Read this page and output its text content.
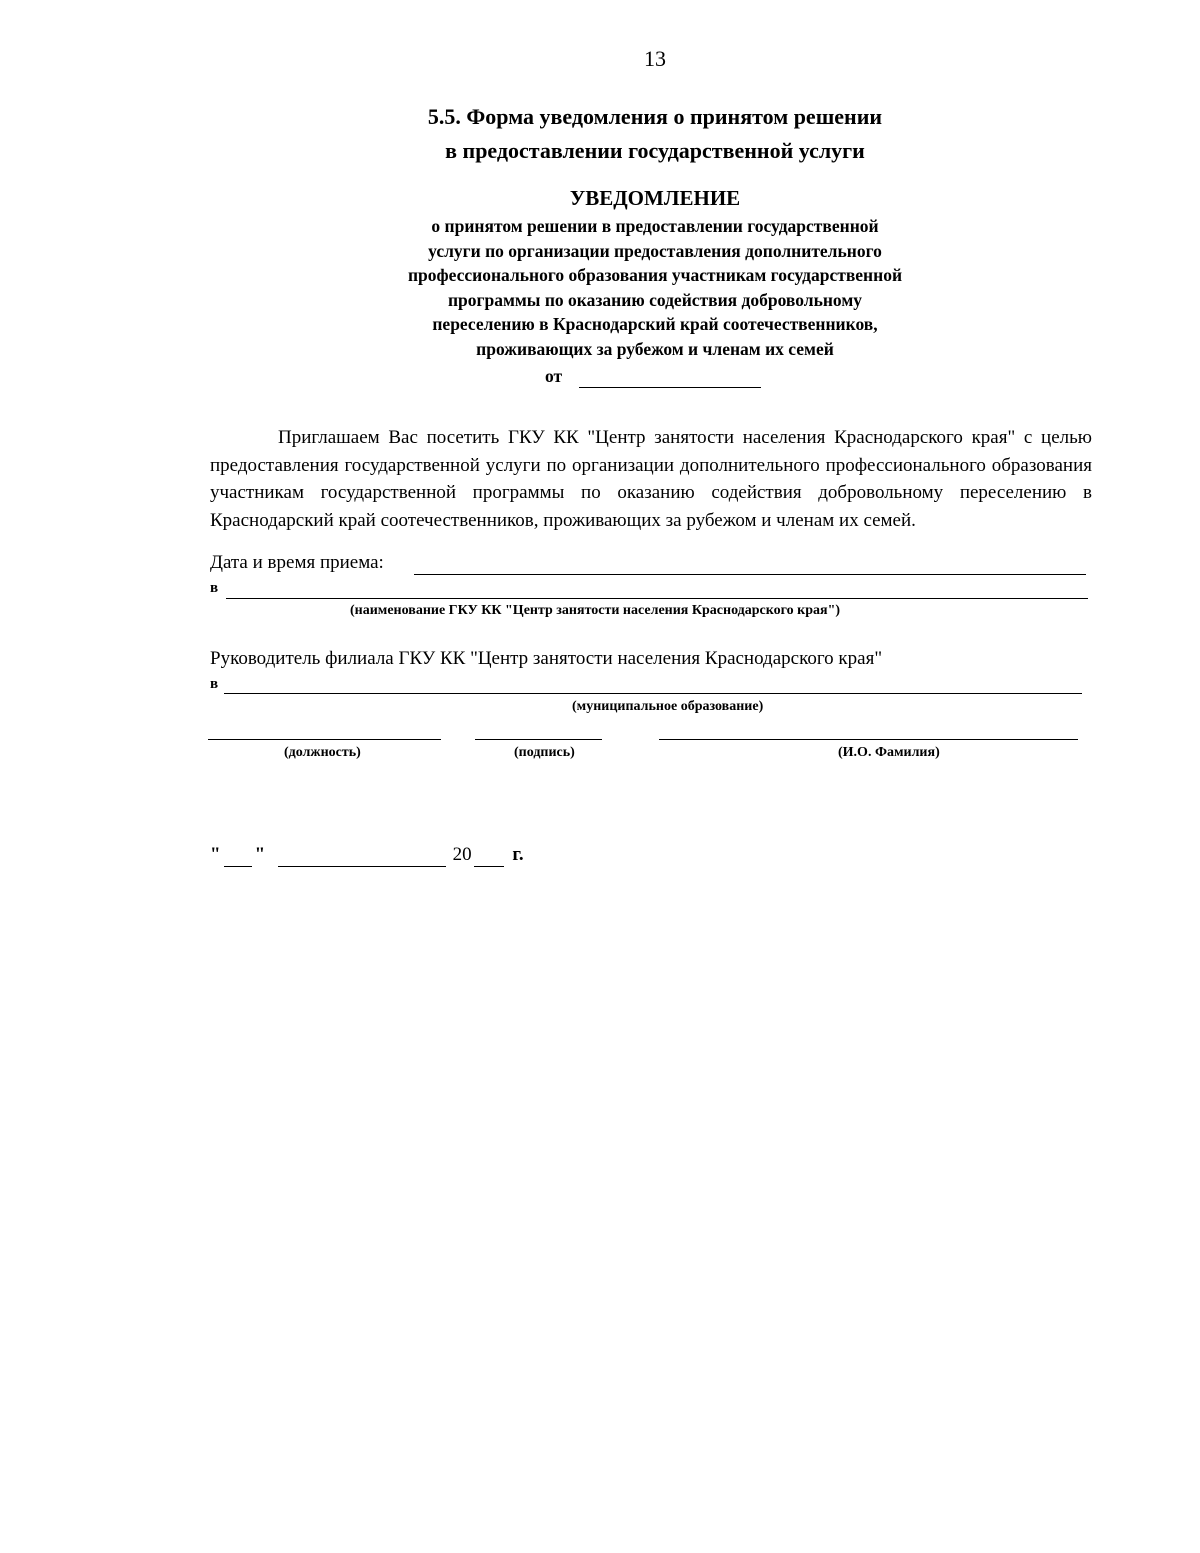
13
5.5. Форма уведомления о принятом решении
в предоставлении государственной услуги
УВЕДОМЛЕНИЕ
о принятом решении в предоставлении государственной
услуги по организации предоставления дополнительного
профессионального образования участникам государственной
программы по оказанию содействия добровольному
переселению в Краснодарский край соотечественников,
проживающих за рубежом и членам их семей
от
Приглашаем Вас посетить ГКУ КК "Центр занятости населения Краснодарского края" с целью предоставления государственной услуги по организации дополнительного профессионального образования участникам государственной программы по оказанию содействия добровольному переселению в Краснодарский край соотечественников, проживающих за рубежом и членам их семей.
Дата и время приема:
в
(наименование ГКУ КК "Центр занятости населения Краснодарского края")
Руководитель филиала ГКУ КК "Центр занятости населения Краснодарского края"
в
(муниципальное образование)
(должность)	(подпись)	(И.О. Фамилия)
" "	20 г.
